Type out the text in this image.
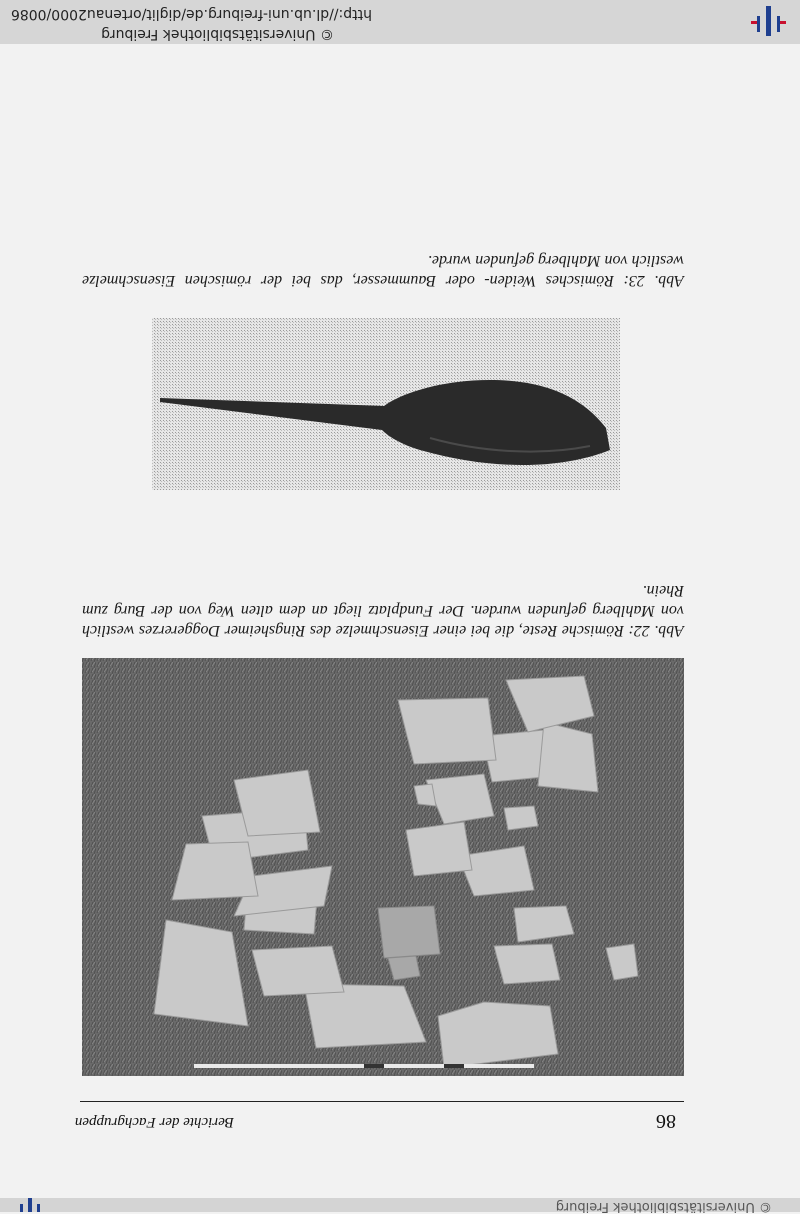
© Universitätsbibliothek Freiburg
86
Berichte der Fachgruppen
Abb. 22: Römische Reste, die bei einer Eisenschmelze des Ringsheimer Doggererzes westlich von Mahlberg gefunden wurden. Der Fundplatz liegt an dem alten Weg von der Burg zum Rhein.
Abb. 23: Römisches Weiden- oder Baummesser, das bei der römischen Eisenschmelze westlich von Mahlberg gefunden wurde.
© Universitätsbibliothek Freiburg
http://dl.ub.uni-freiburg.de/diglit/ortenau2000/0086
